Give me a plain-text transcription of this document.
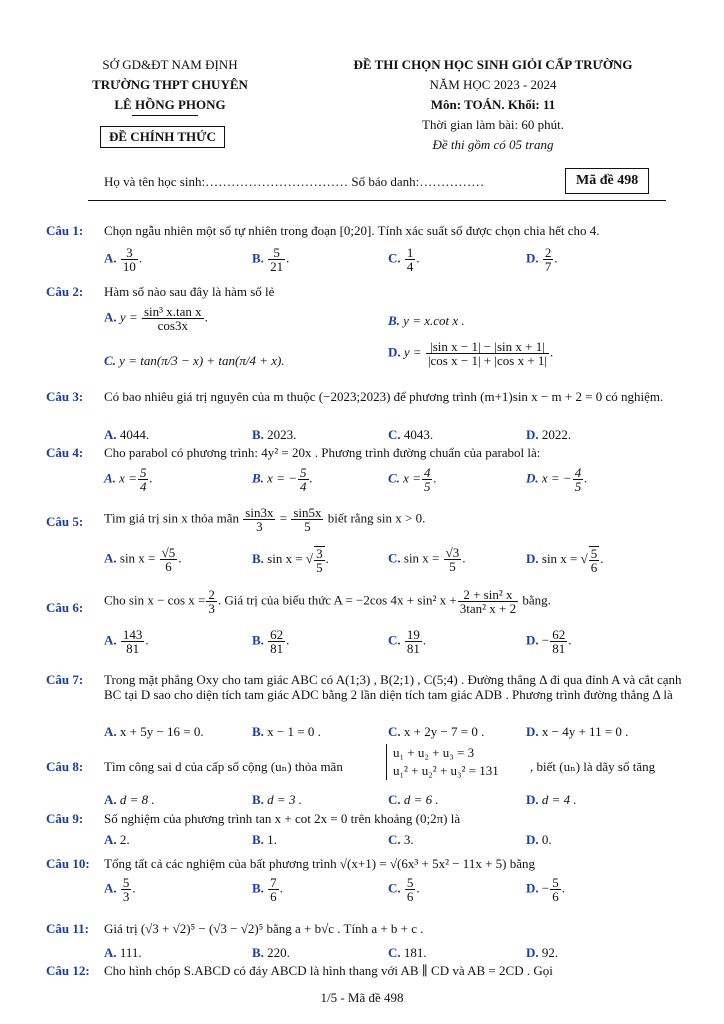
SỞ GD&ĐT NAM ĐỊNH
TRƯỜNG THPT CHUYÊN
LÊ HỒNG PHONG
ĐỀ CHÍNH THỨC
ĐỀ THI CHỌN HỌC SINH GIỎI CẤP TRƯỜNG
NĂM HỌC 2023 - 2024
Môn: TOÁN. Khối: 11
Thời gian làm bài: 60 phút.
Đề thi gồm có 05 trang
Họ và tên học sinh:…………………………… Số báo danh:……………	Mã đề 498
Câu 1: Chọn ngẫu nhiên một số tự nhiên trong đoạn [0;20]. Tính xác suất số được chọn chia hết cho 4.
A. $\frac{3}{10}$ .	B. $\frac{5}{21}$ .	C. $\frac{1}{4}$ .	D. $\frac{2}{7}$ .
Câu 2: Hàm số nào sau đây là hàm số lẻ
A. $y = \frac{\text{sin³ x.tan x}}{\cos 3x}$ .	B. y = x.cot x .
C. y = tan(π/3 − x) + tan(π/4 + x).
D. $y = \frac{\text{|sin x − 1| − |sin x + 1|}}{\text{|cos x − 1| + |cos x + 1|}}$ .
Câu 3: Có bao nhiêu giá trị nguyên của m thuộc (−2023;2023) để phương trình (m+1)sin x − m + 2 = 0 có nghiệm.
A. 4044.	B. 2023.	C. 4043.	D. 2022.
Câu 4: Cho parabol có phương trình: 4y² = 20x . Phương trình đường chuẩn của parabol là:
A. $x = \frac{5}{4}$ .	B. x = − $\frac{5}{4}$ .	C. $x = \frac{4}{5}$ .	D. x = − $\frac{4}{5}$ .
Câu 5: Tìm giá trị sin x thỏa mãn $\frac{\sin 3x}{3} = \frac{\sin 5x}{5}$ biết rằng sin x > 0.
A. $\sin x = \frac{√5}{6}$ .	B. sin x = √ $\frac{3}{5}$ .	C. $\sin x = \frac{√3}{5}$ .	D. sin x = √ $\frac{5}{6}$ .
Câu 6:
Cho $\sin x - \cos x = \frac{2}{3}$ . Giá trị của biểu thức A = −2cos 4x + sin² $x + \frac{\text{2 + sin² x}}{\text{3tan² x + 2}}$ bằng.
A. $\frac{143}{81}$ .	B. $\frac{62}{81}$ .	C. $\frac{19}{81}$ .	D. − $\frac{62}{81}$ .
Câu 7: Trong mặt phẳng Oxy cho tam giác ABC có A(1;3) , B(2;1) , C(5;4) . Đường thẳng Δ đi qua đỉnh A và cắt cạnh BC tại D sao cho diện tích tam giác ADC bằng 2 lần diện tích tam giác ADB . Phương trình đường thẳng Δ là
A. x + 5y − 16 = 0.	B. x − 1 = 0 .	C. x + 2y − 7 = 0 .	D. x − 4y + 11 = 0 .
Câu 8: Tìm công sai d của cấp số cộng (uₙ) thỏa mãn
u₁ + u₂ + u₃ = 3
u₁² + u₂² + u₃² = 131 , biết (uₙ) là dãy số tăng
A. d = 8 .	B. d = 3 .	C. d = 6 .	D. d = 4 .
Câu 9: Số nghiệm của phương trình tan x + cot 2x = 0 trên khoảng (0;2π) là
A. 2.	B. 1.	C. 3.	D. 0.
Câu 10: Tổng tất cả các nghiệm của bất phương trình √(x+1) = √(6x³ + 5x² − 11x + 5) bằng
A. $\frac{5}{3}$ .	B. $\frac{7}{6}$ .	C. $\frac{5}{6}$ .	D. − $\frac{5}{6}$ .
Câu 11: Giá trị (√3 + √2)⁵ − (√3 − √2)⁵ bằng a + b√c . Tính a + b + c .
A. 111.	B. 220.	C. 181.	D. 92.
Câu 12: Cho hình chóp S.ABCD có đáy ABCD là hình thang với AB ∥ CD và AB = 2CD . Gọi
1/5 - Mã đề 498
